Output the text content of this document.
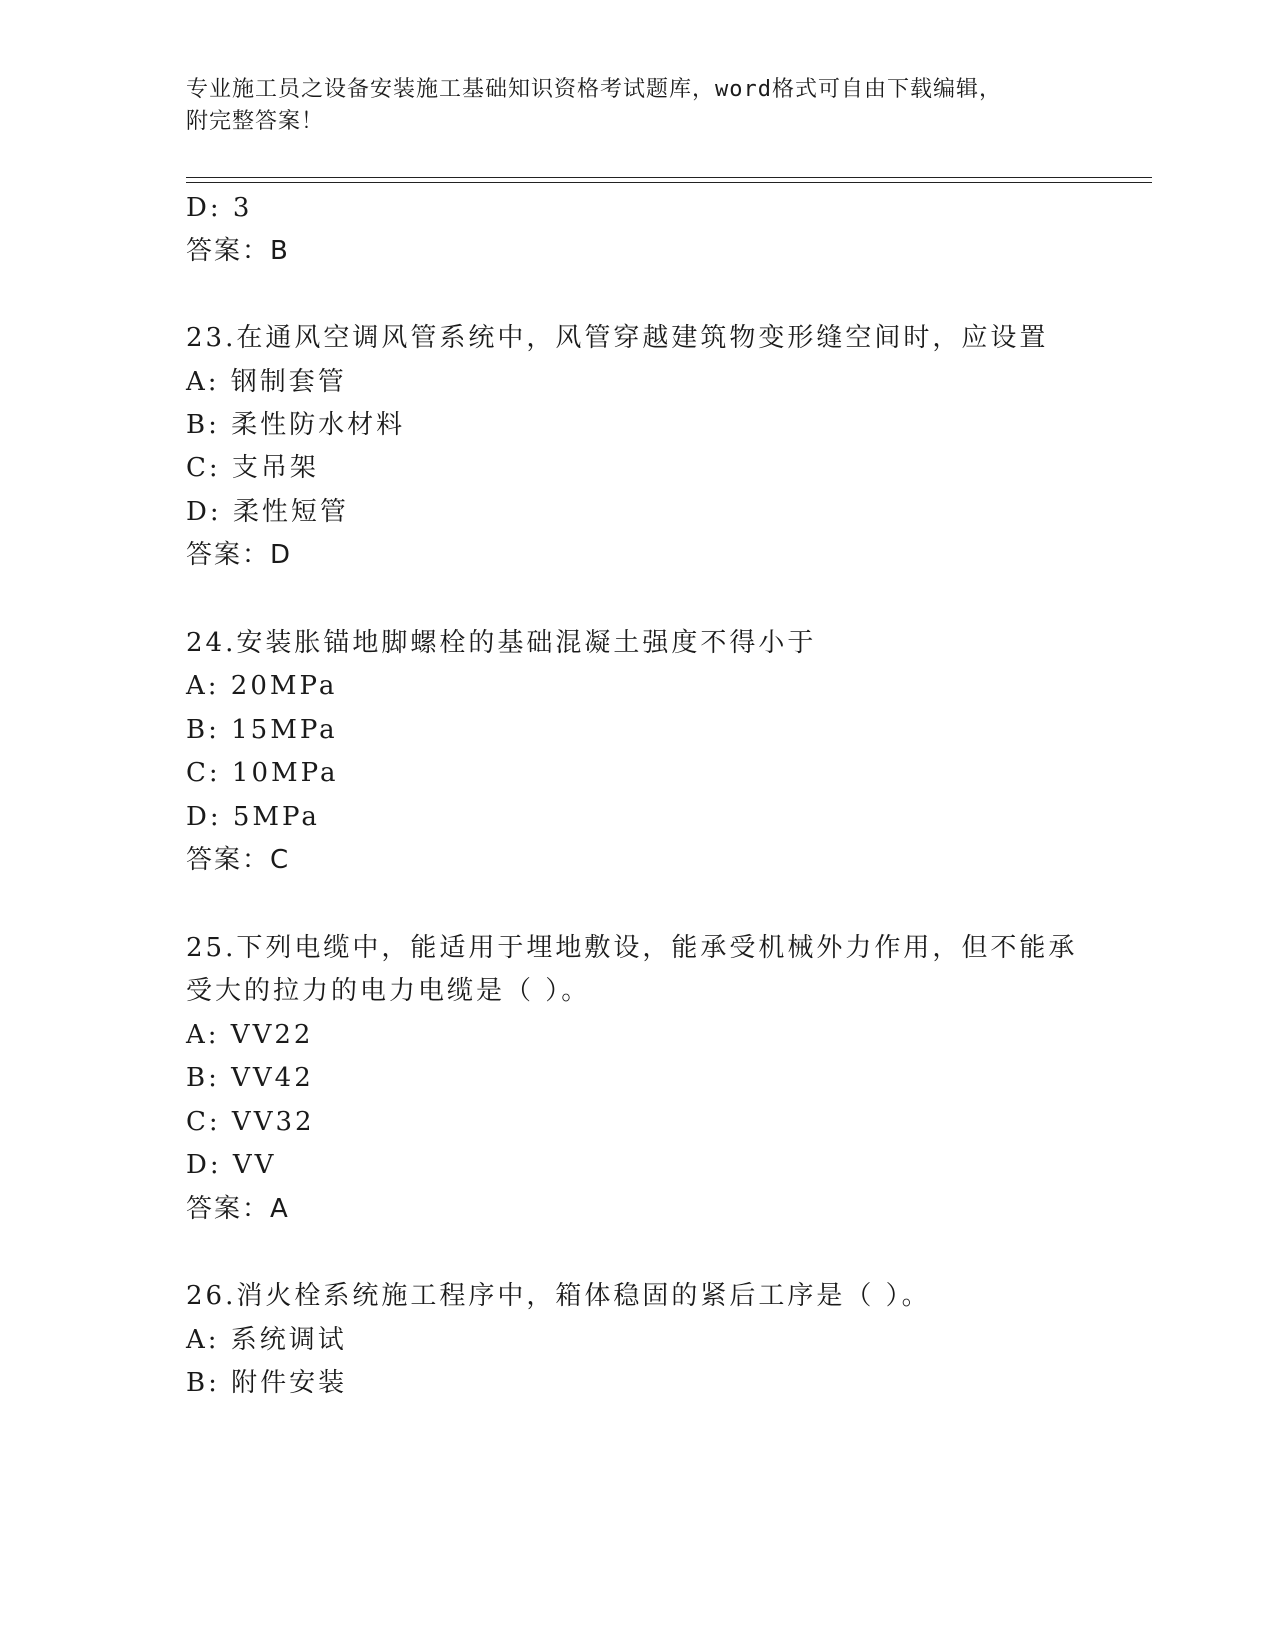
专业施工员之设备安装施工基础知识资格考试题库，word格式可自由下载编辑，
附完整答案！
D: 3
答案：B
23.在通风空调风管系统中，风管穿越建筑物变形缝空间时，应设置
A: 钢制套管
B: 柔性防水材料
C: 支吊架
D: 柔性短管
答案：D
24.安装胀锚地脚螺栓的基础混凝土强度不得小于
A: 20MPa
B: 15MPa
C: 10MPa
D: 5MPa
答案：C
25.下列电缆中，能适用于埋地敷设，能承受机械外力作用，但不能承
受大的拉力的电力电缆是（ ）。
A: VV22
B: VV42
C: VV32
D: VV
答案：A
26.消火栓系统施工程序中，箱体稳固的紧后工序是（ ）。
A: 系统调试
B: 附件安装
